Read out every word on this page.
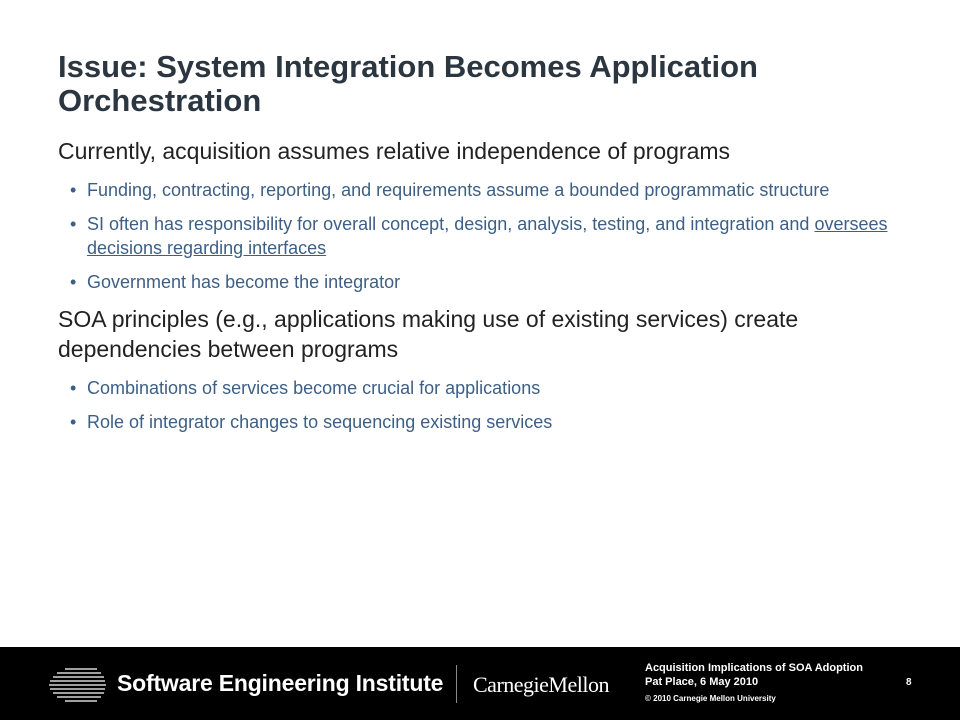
Issue: System Integration Becomes Application Orchestration
Currently, acquisition assumes relative independence of programs
• Funding, contracting, reporting, and requirements assume a bounded programmatic structure
• SI often has responsibility for overall concept, design, analysis, testing, and integration and oversees decisions regarding interfaces
• Government has become the integrator
SOA principles (e.g., applications making use of existing services) create dependencies between programs
• Combinations of services become crucial for applications
• Role of integrator changes to sequencing existing services
Software Engineering Institute CarnegieMellon
Acquisition Implications of SOA Adoption
Pat Place, 6 May 2010
© 2010 Carnegie Mellon University
8
